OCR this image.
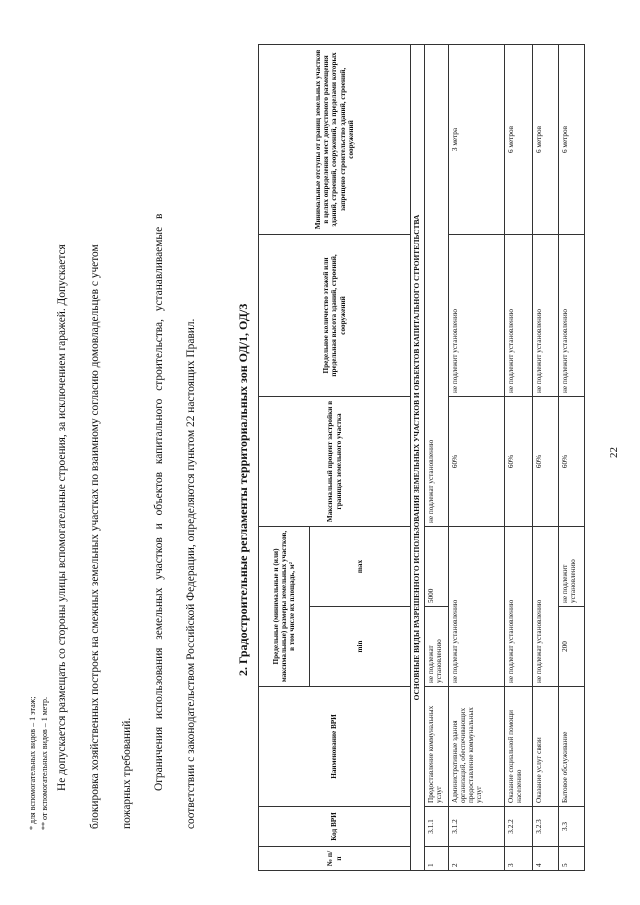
22
* для вспомогательных видов – 1 этаж; ** от вспомогательных видов – 1 метр. Не допускается размещать со стороны улицы вспомогательные строения, за исключением гаражей. Допускается блокировка хозяйственных построек на смежных земельных участках по взаимному согласию домовладельцев с учетом пожарных требований. Ограничения использования земельных участков и объектов капитального строительства, устанавливаемые в соответствии с законодательством Российской Федерации, определяются пунктом 22 настоящих Правил.	2. Градостроительные регламенты территориальных зон ОД/1, ОД/3
№ п/п	Код ВРИ	Наименование ВРИ	Предельные (минимальные и (или) максимальные) размеры земельных участков, в том числе их площадь, м²		Максимальный процент застройки в границах земельного участка	Предельное количество этажей или предельная высота зданий, строений, сооружений	Минимальные отступы от границ земельных участков в целях определения мест допустимого размещения зданий, строений, сооружений, за пределами которых запрещено строительство зданий, строений, сооружений
			min	max			
ОСНОВНЫЕ ВИДЫ РАЗРЕШЕННОГО ИСПОЛЬЗОВАНИЯ ЗЕМЕЛЬНЫХ УЧАСТКОВ И ОБЪЕКТОВ КАПИТАЛЬНОГО СТРОИТЕЛЬСТВА							
1	3.1.1	Предоставление коммунальных услуг	не подлежат установлению	5000	не подлежат установлению		
2	3.1.2	Административные здания организаций, обеспечивающих предоставление коммунальных услуг	не подлежат установлению		60%	не подлежит установлению	3 метра
3	3.2.2	Оказание социальной помощи населению	не подлежат установлению		60%	не подлежит установлению	6 метров
4	3.2.3	Оказание услуг связи	не подлежат установлению		60%	не подлежит установлению	6 метров
5	3.3	Бытовое обслуживание	200	не подлежит установлению	60%	не подлежит установлению	6 метров
